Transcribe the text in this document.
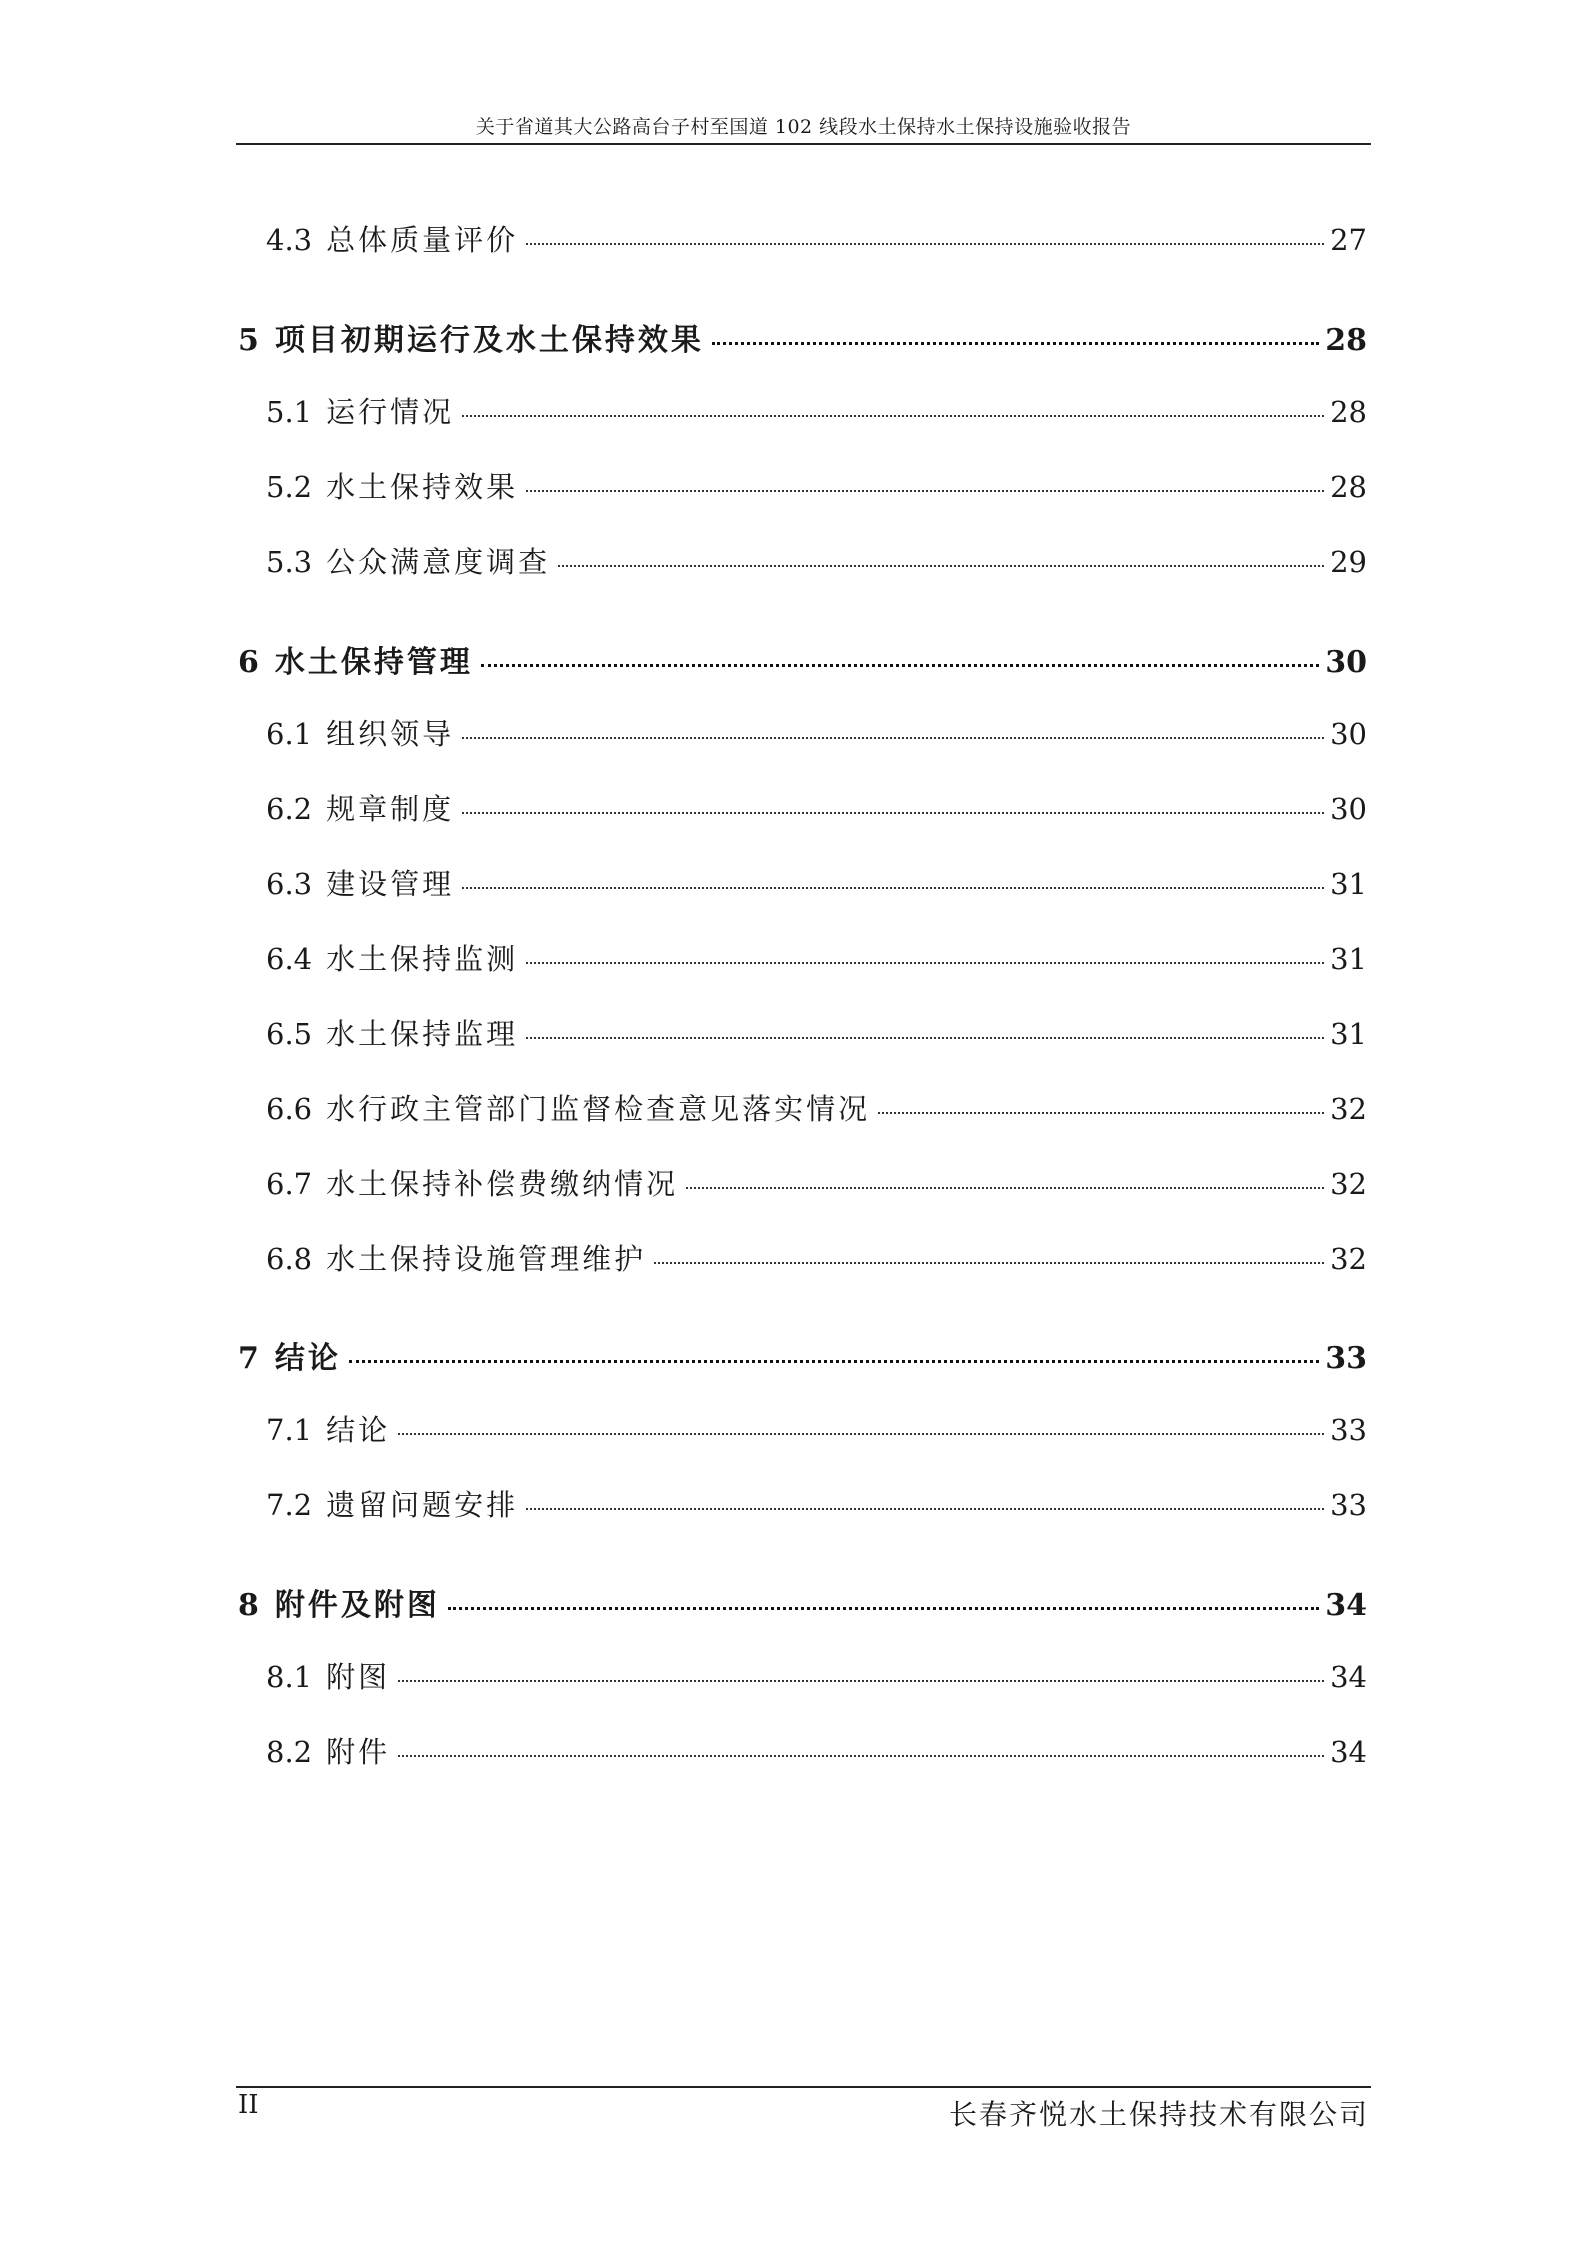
关于省道其大公路高台子村至国道 102 线段水土保持水土保持设施验收报告
4.3 总体质量评价	27
5 项目初期运行及水土保持效果	28
5.1 运行情况	28
5.2 水土保持效果	28
5.3 公众满意度调查	29
6 水土保持管理	30
6.1 组织领导	30
6.2 规章制度	30
6.3 建设管理	31
6.4 水土保持监测	31
6.5 水土保持监理	31
6.6 水行政主管部门监督检查意见落实情况	32
6.7 水土保持补偿费缴纳情况	32
6.8 水土保持设施管理维护	32
7 结论	33
7.1 结论	33
7.2 遗留问题安排	33
8 附件及附图	34
8.1 附图	34
8.2 附件	34
II	长春齐悦水土保持技术有限公司
